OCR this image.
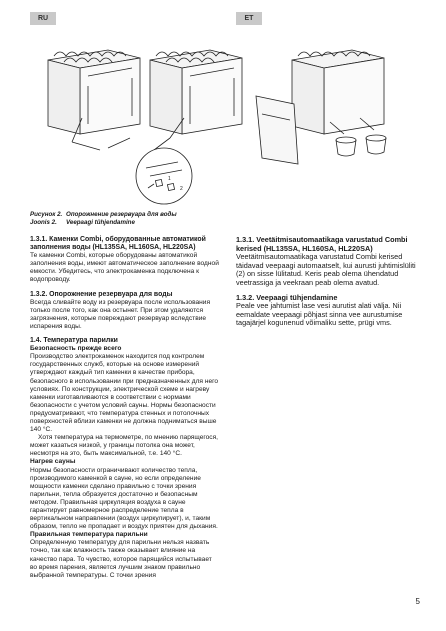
RU	ET
1
2
Рисунок 2. Опорожнение резервуара для воды
Joonis 2. Veepaagi tühjendamine
1.3.1. Каменки Combi, оборудованные автоматикой заполнения воды (HL135SA, HL160SA, HL220SA)

Те каменки Combi, которые оборудованы автоматикой заполнения воды, имеют автоматическое заполнение водной емкости. Убедитесь, что электрокаменка подключена к водопроводу.

1.3.2. Опорожнение резервуара для воды

Всегда сливайте воду из резервуара после использования только после того, как она остынет. При этом удаляются загрязнения, которые повреждают резервуар вследствие испарения воды.

1.4. Температура парилки
Безопасность прежде всего

Производство электрокаменок находится под контролем государственных служб, которые на основе измерений утверждают каждый тип каменки в качестве прибора, безопасного в использовании при предназначенных для него условиях. По конструкции, электрической схеме и нагреву каменки изготавливаются в соответствии с нормами безопасности с учетом условий сауны. Нормы безопасности предусматривают, что температура стенных и потолочных поверхностей вблизи каменки не должна подниматься выше 140 °C.

Хотя температура на термометре, по мнению парящегося, может казаться низкой, у границы потолка она может, несмотря на это, быть максимальной, т.е. 140 °C.

Нагрев сауны

Нормы безопасности ограничивают количество тепла, производимого каменкой в сауне, но если определение мощности каменки сделано правильно с точки зрения парильни, тепла образуется достаточно и безопасным методом. Правильная циркуляция воздуха в сауне гарантирует равномерное распределение тепла в вертикальном направлении (воздух циркулирует), и, таким образом, тепло не пропадает и воздух приятен для дыхания.

Правильная температура парильни

Определенную температуру для парильни нельзя назвать точно, так как влажность также оказывает влияние на качество пара. То чувство, которое парящийся испытывает во время парения, является лучшим знаком правильно выбранной температуры. С точки зрения

1.3.1. Veetäitmisautomaatikaga varustatud Combi kerised (HL135SA, HL160SA, HL220SA)

Veetäitmisautomaatikaga varustatud Combi kerised täidavad veepaagi automaatselt, kui aurusti juhtimislüliti (2) on sisse lülitatud. Keris peab olema ühendatud veetrassiga ja veekraan peab olema avatud.

1.3.2. Veepaagi tühjendamine

Peale vee jahtumist lase vesi aurutist alati välja. Nii eemaldate veepaagi põhjast sinna vee aurustumise tagajärjel kogunenud võimaliku sette, prügi vms.

5
